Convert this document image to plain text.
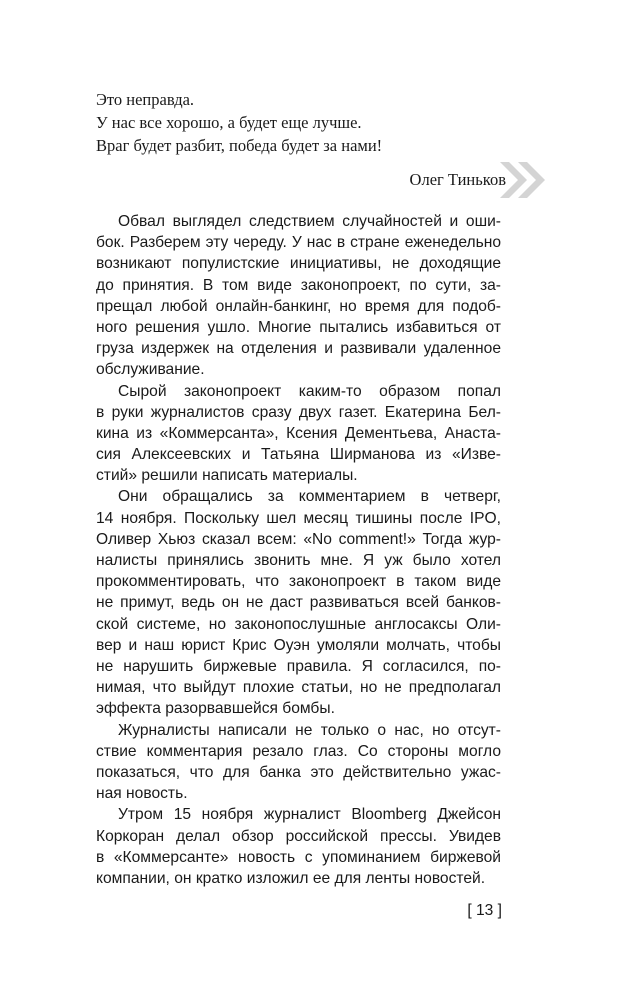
Это неправда.
У нас все хорошо, а будет еще лучше.
Враг будет разбит, победа будет за нами!
Олег Тиньков
Обвал выглядел следствием случайностей и оши-
бок. Разберем эту череду. У нас в стране еженедельно
возникают популистские инициативы, не доходящие
до принятия. В том виде законопроект, по сути, за-
прещал любой онлайн-банкинг, но время для подоб-
ного решения ушло. Многие пытались избавиться от
груза издержек на отделения и развивали удаленное
обслуживание.
Сырой законопроект каким-то образом попал
в руки журналистов сразу двух газет. Екатерина Бел-
кина из «Коммерсанта», Ксения Дементьева, Анаста-
сия Алексеевских и Татьяна Ширманова из «Изве-
стий» решили написать материалы.
Они обращались за комментарием в четверг,
14 ноября. Поскольку шел месяц тишины после IPO,
Оливер Хьюз сказал всем: «No comment!» Тогда жур-
налисты принялись звонить мне. Я уж было хотел
прокомментировать, что законопроект в таком виде
не примут, ведь он не даст развиваться всей банков-
ской системе, но законопослушные англосаксы Оли-
вер и наш юрист Крис Оуэн умоляли молчать, чтобы
не нарушить биржевые правила. Я согласился, по-
нимая, что выйдут плохие статьи, но не предполагал
эффекта разорвавшейся бомбы.
Журналисты написали не только о нас, но отсут-
ствие комментария резало глаз. Со стороны могло
показаться, что для банка это действительно ужас-
ная новость.
Утром 15 ноября журналист Bloomberg Джейсон
Коркоран делал обзор российской прессы. Увидев
в «Коммерсанте» новость с упоминанием биржевой
компании, он кратко изложил ее для ленты новостей.
[ 13 ]
